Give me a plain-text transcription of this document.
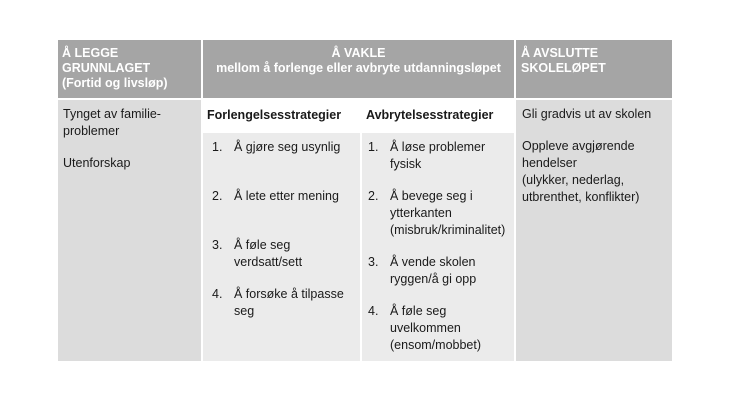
Å LEGGE GRUNNLAGET
(Fortid og livsløp)
Å VAKLE
mellom å forlenge eller avbryte utdanningsløpet
Å AVSLUTTE SKOLELØPET

Tynget av familie-problemer

Utenforskap

Forlengelsesstrategier	Avbrytelsesstrategier
1. Å gjøre seg usynlig
2. Å lete etter mening
3. Å føle seg verdsatt/sett
4. Å forsøke å tilpasse seg
1. Å løse problemer fysisk
2. Å bevege seg i ytterkanten (misbruk/kriminalitet)
3. Å vende skolen ryggen/å gi opp
4. Å føle seg uvelkommen (ensom/mobbet)

Gli gradvis ut av skolen

Oppleve avgjørende hendelser

(ulykker, nederlag, utbrenthet, konflikter)
